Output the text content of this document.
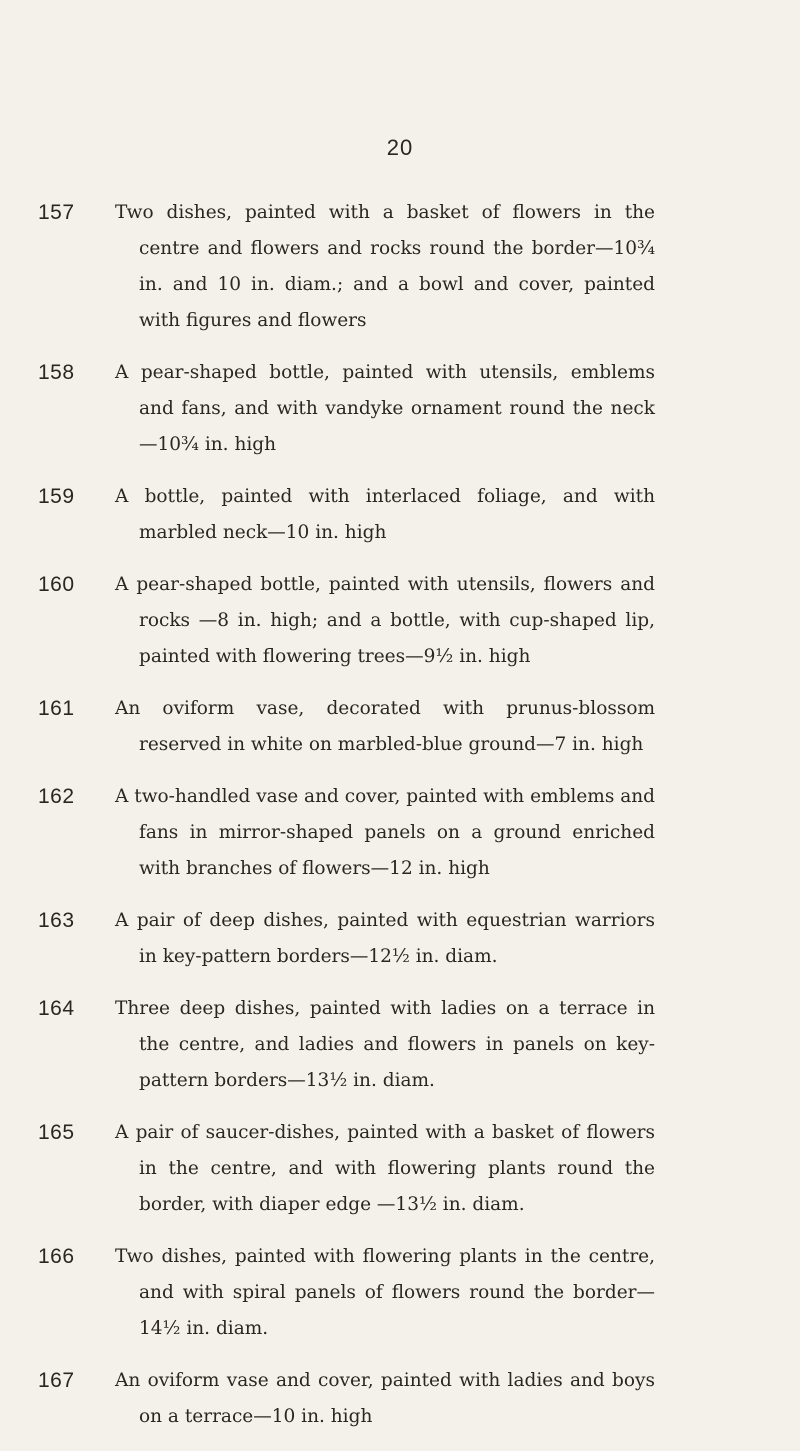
20
157	Two dishes, painted with a basket of flowers in the centre and flowers and rocks round the border—10¾ in. and 10 in. diam.; and a bowl and cover, painted with figures and flowers
158	A pear-shaped bottle, painted with utensils, emblems and fans, and with vandyke ornament round the neck—10¾ in. high
159	A bottle, painted with interlaced foliage, and with marbled neck—10 in. high
160	A pear-shaped bottle, painted with utensils, flowers and rocks —8 in. high; and a bottle, with cup-shaped lip, painted with flowering trees—9½ in. high
161	An oviform vase, decorated with prunus-blossom reserved in white on marbled-blue ground—7 in. high
162	A two-handled vase and cover, painted with emblems and fans in mirror-shaped panels on a ground enriched with branches of flowers—12 in. high
163	A pair of deep dishes, painted with equestrian warriors in key-pattern borders—12½ in. diam.
164	Three deep dishes, painted with ladies on a terrace in the centre, and ladies and flowers in panels on key-pattern borders—13½ in. diam.
165	A pair of saucer-dishes, painted with a basket of flowers in the centre, and with flowering plants round the border, with diaper edge —13½ in. diam.
166	Two dishes, painted with flowering plants in the centre, and with spiral panels of flowers round the border—14½ in. diam.
167	An oviform vase and cover, painted with ladies and boys on a terrace—10 in. high
